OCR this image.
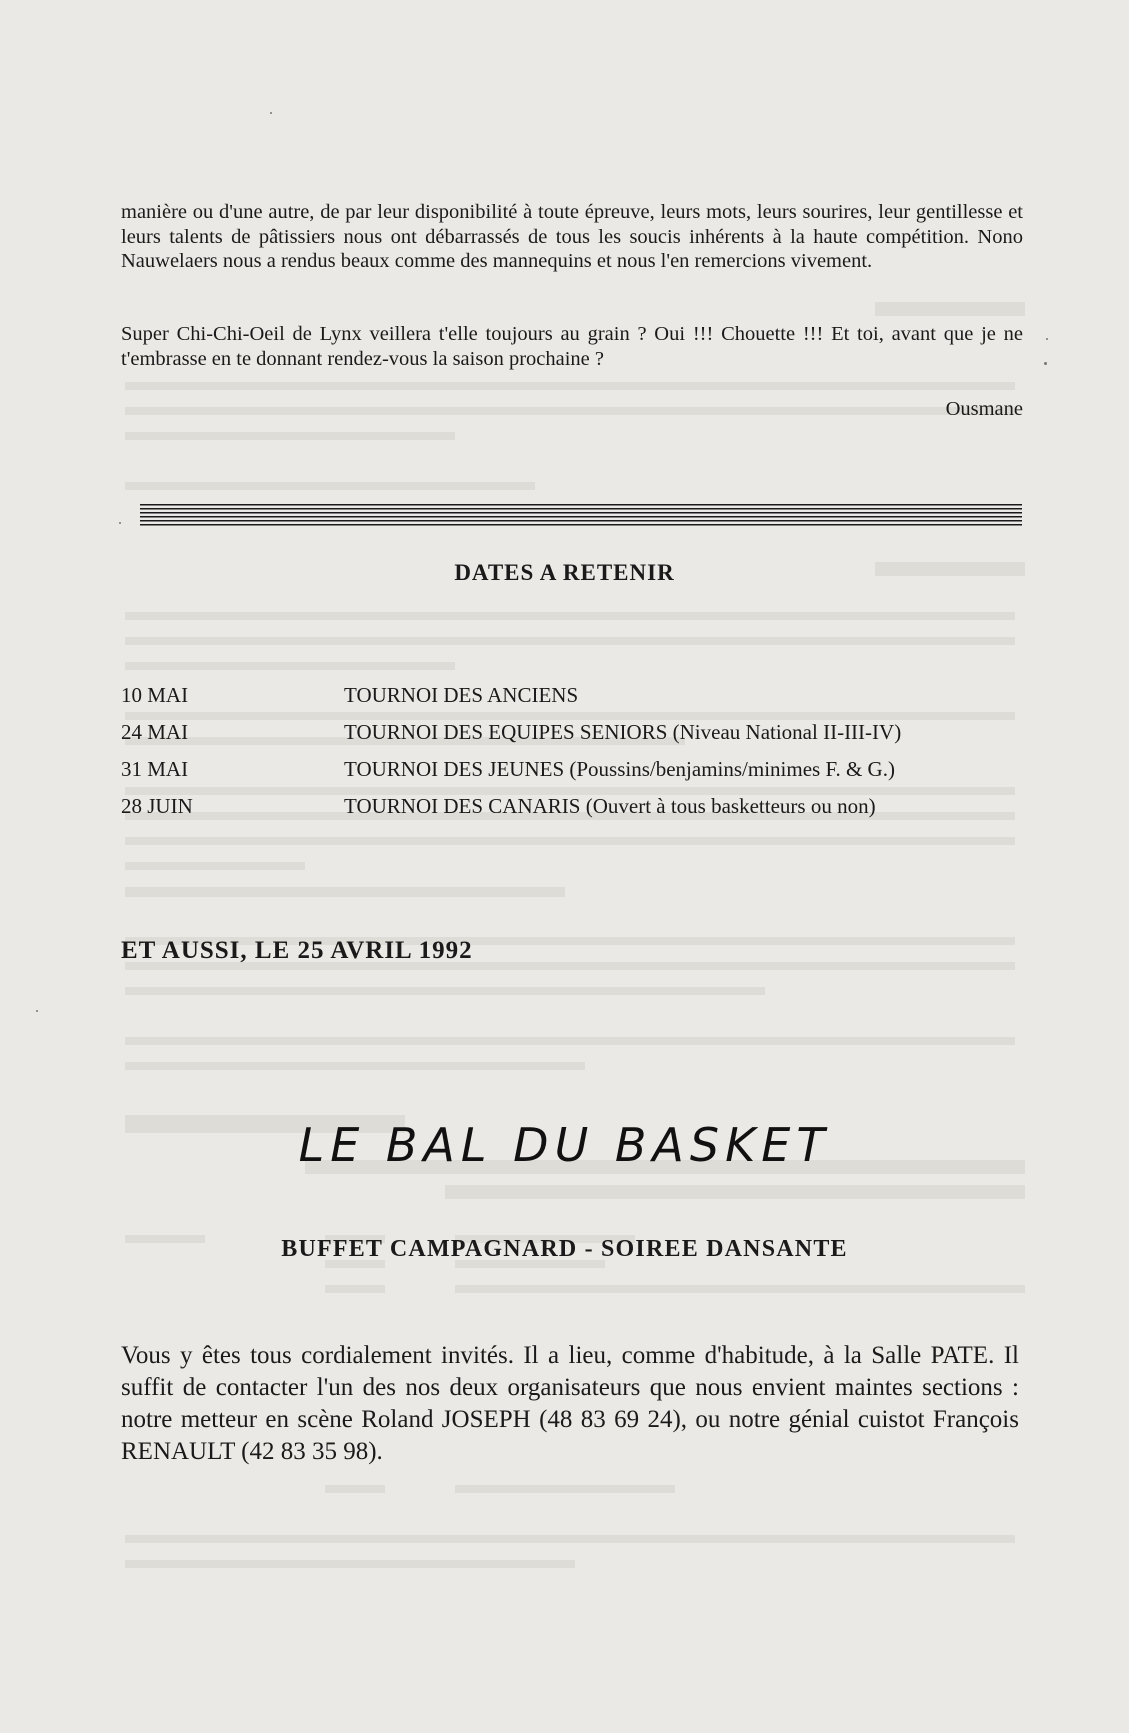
manière ou d'une autre, de par leur disponibilité à toute épreuve, leurs mots, leurs sourires, leur gentillesse et leurs talents de pâtissiers nous ont débarrassés de tous les soucis inhérents à la haute compétition. Nono Nauwelaers nous a rendus beaux comme des mannequins et nous l'en remercions vivement.

Super Chi-Chi-Oeil de Lynx veillera t'elle toujours au grain ? Oui !!! Chouette !!! Et toi, avant que je ne t'embrasse en te donnant rendez-vous la saison prochaine ?

Ousmane
DATES A RETENIR
10 MAI	TOURNOI DES ANCIENS
24 MAI	TOURNOI DES EQUIPES SENIORS (Niveau National II-III-IV)
31 MAI	TOURNOI DES JEUNES (Poussins/benjamins/minimes F. & G.)
28 JUIN	TOURNOI DES CANARIS (Ouvert à tous basketteurs ou non)
ET AUSSI, LE 25 AVRIL 1992
LE BAL DU BASKET
BUFFET CAMPAGNARD - SOIREE DANSANTE
Vous y êtes tous cordialement invités. Il a lieu, comme d'habitude, à la Salle PATE. Il suffit de contacter l'un des nos deux organisateurs que nous envient maintes sections : notre metteur en scène Roland JOSEPH (48 83 69 24), ou notre génial cuistot François RENAULT (42 83 35 98).
